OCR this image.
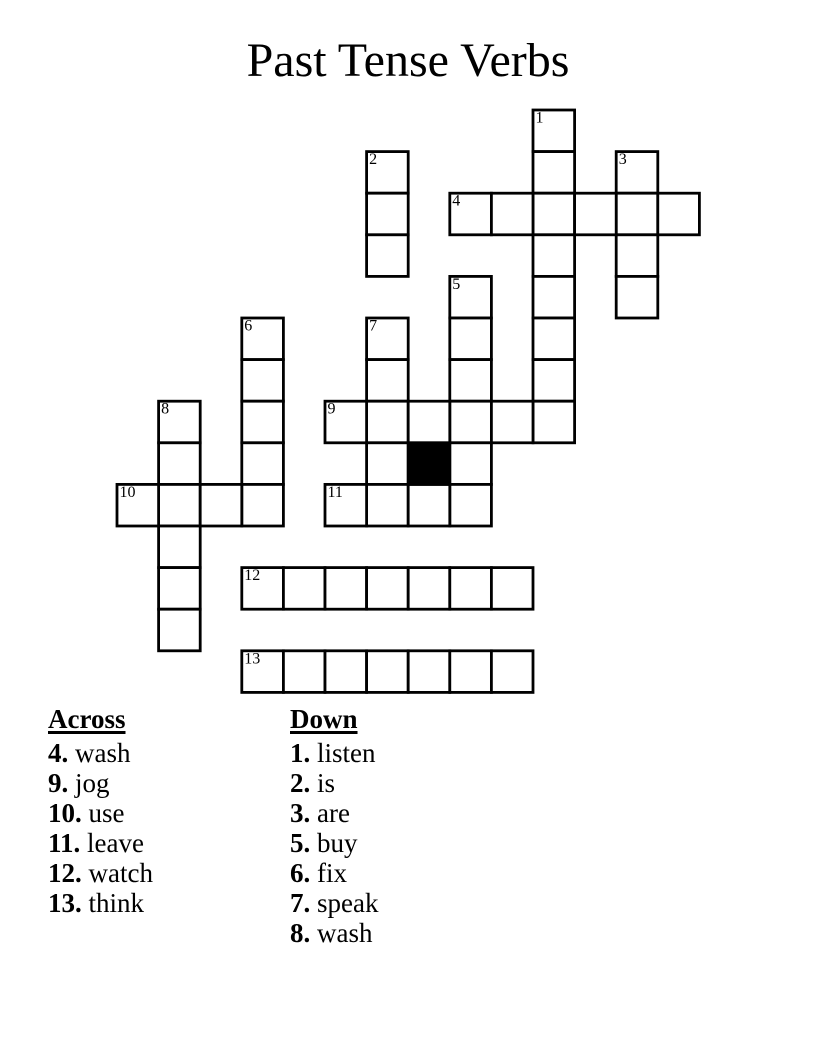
Past Tense Verbs
1
2	3
4
5
6	7
8	9
10	11
12
13
Across
4. wash
9. jog
10. use
11. leave
12. watch
13. think
Down
1. listen
2. is
3. are
5. buy
6. fix
7. speak
8. wash
